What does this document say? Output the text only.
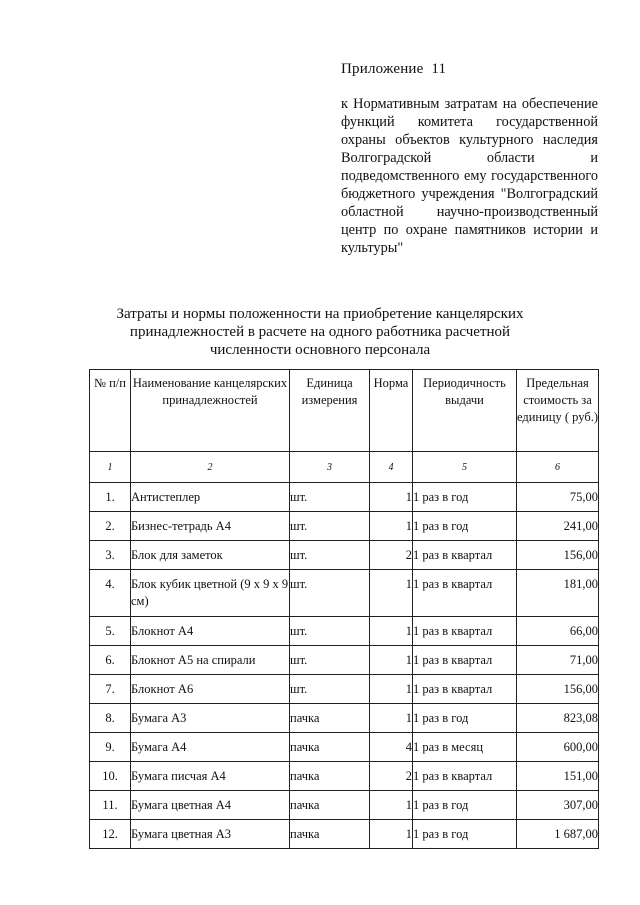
Приложение  11
к Нормативным затратам на обеспечение функций комитета государственной охраны объектов культурного наследия Волгоградской области и подведомственного ему государственного бюджетного учреждения "Волгоградский областной научно-производственный центр по охране памятников истории и культуры"
Затраты и нормы положенности на приобретение канцелярских принадлежностей в расчете на одного работника расчетной численности основного персонала
№ п/п	Наименование канцелярских принадлежностей	Единица измерения	Норма	Периодичность выдачи	Предельная стоимость за единицу ( руб.)
1	2	3	4	5	6
1.	Антистеплер	шт.	1	1 раз в год	75,00
2.	Бизнес-тетрадь А4	шт.	1	1 раз в год	241,00
3.	Блок для заметок	шт.	2	1 раз в квартал	156,00
4.	Блок кубик цветной (9 х 9 х 9 см)	шт.	1	1 раз в квартал	181,00
5.	Блокнот А4	шт.	1	1 раз в квартал	66,00
6.	Блокнот А5 на спирали	шт.	1	1 раз в квартал	71,00
7.	Блокнот А6	шт.	1	1 раз в квартал	156,00
8.	Бумага А3	пачка	1	1 раз в год	823,08
9.	Бумага А4	пачка	4	1 раз в месяц	600,00
10.	Бумага писчая А4	пачка	2	1 раз в квартал	151,00
11.	Бумага цветная А4	пачка	1	1 раз в год	307,00
12.	Бумага цветная А3	пачка	1	1 раз в год	1 687,00
